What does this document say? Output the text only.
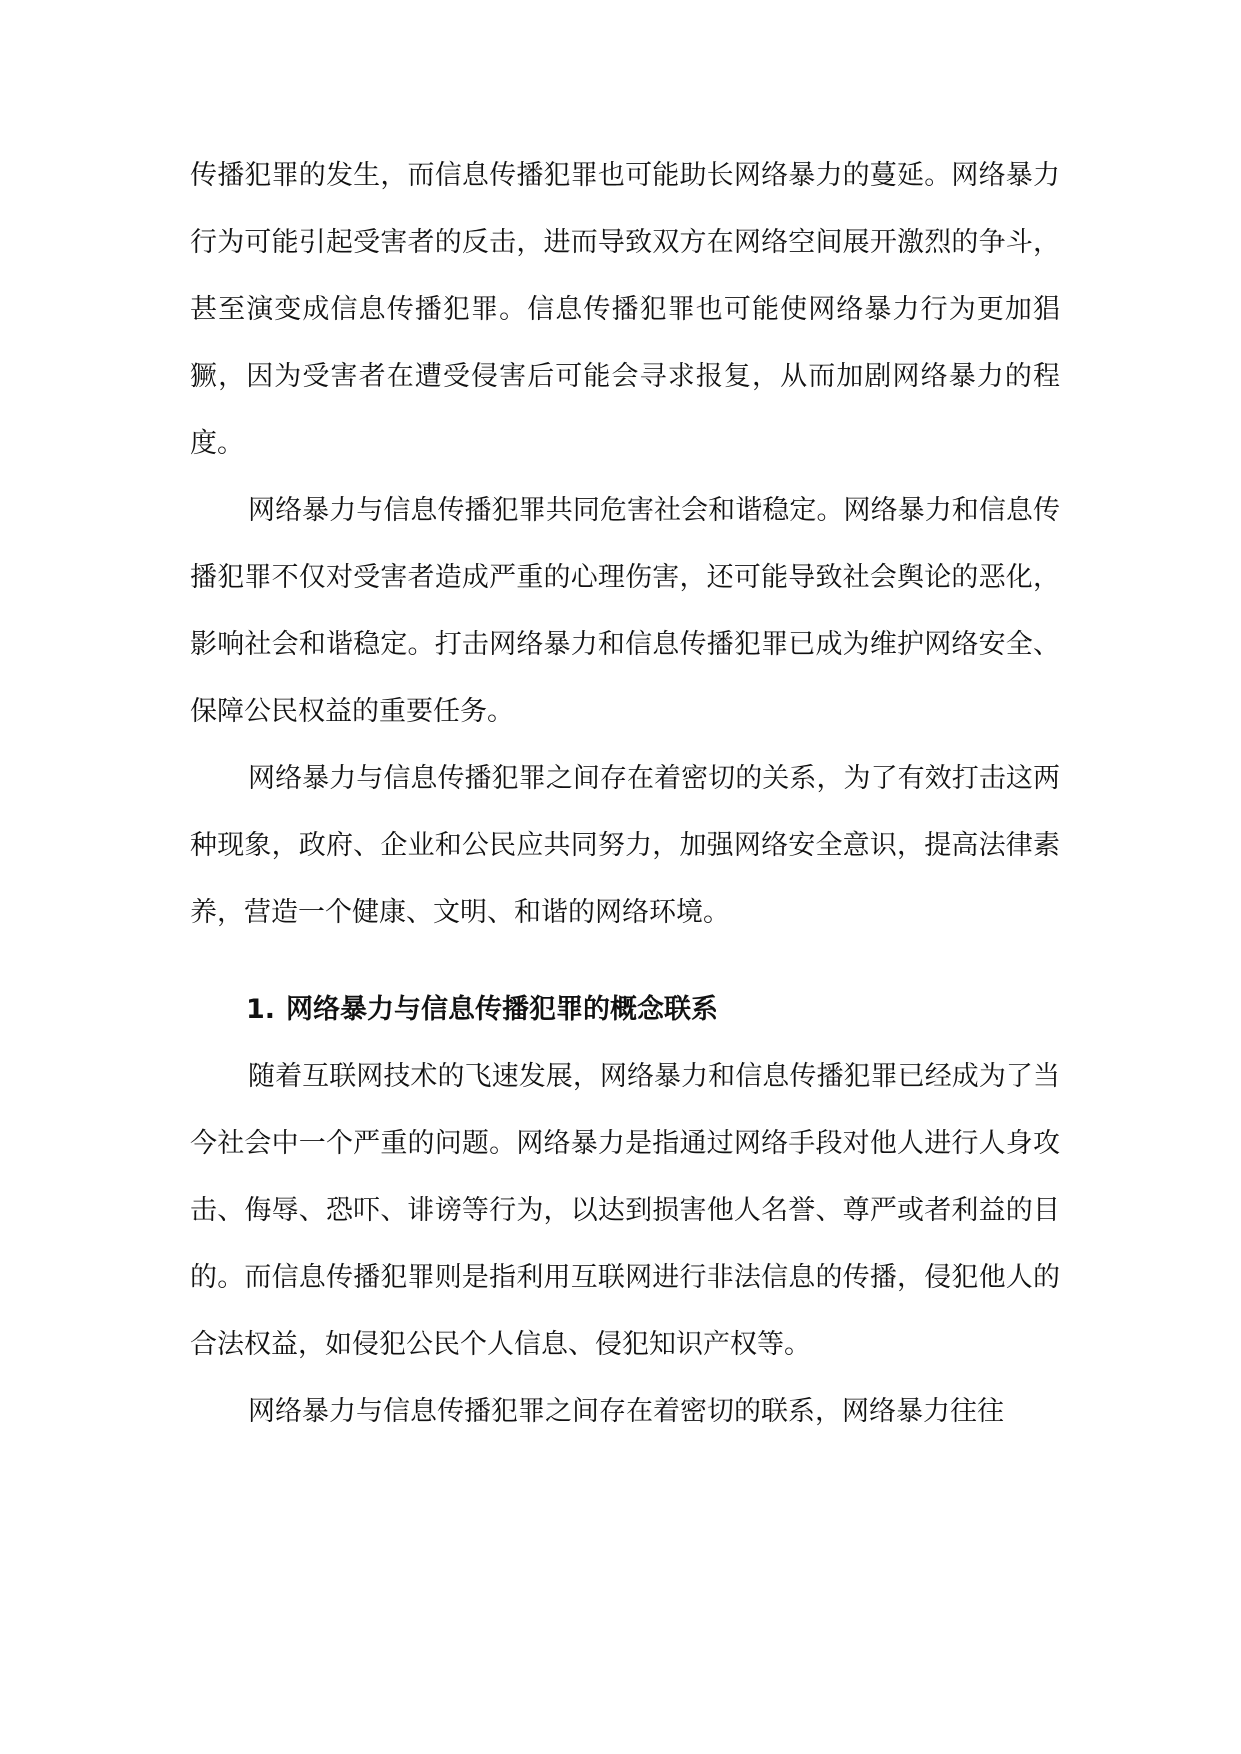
传播犯罪的发生，而信息传播犯罪也可能助长网络暴力的蔓延。网络暴力行为可能引起受害者的反击，进而导致双方在网络空间展开激烈的争斗，甚至演变成信息传播犯罪。信息传播犯罪也可能使网络暴力行为更加猖獗，因为受害者在遭受侵害后可能会寻求报复，从而加剧网络暴力的程度。

网络暴力与信息传播犯罪共同危害社会和谐稳定。网络暴力和信息传播犯罪不仅对受害者造成严重的心理伤害，还可能导致社会舆论的恶化，影响社会和谐稳定。打击网络暴力和信息传播犯罪已成为维护网络安全、保障公民权益的重要任务。

网络暴力与信息传播犯罪之间存在着密切的关系，为了有效打击这两种现象，政府、企业和公民应共同努力，加强网络安全意识，提高法律素养，营造一个健康、文明、和谐的网络环境。

1. 网络暴力与信息传播犯罪的概念联系

随着互联网技术的飞速发展，网络暴力和信息传播犯罪已经成为了当今社会中一个严重的问题。网络暴力是指通过网络手段对他人进行人身攻击、侮辱、恐吓、诽谤等行为，以达到损害他人名誉、尊严或者利益的目的。而信息传播犯罪则是指利用互联网进行非法信息的传播，侵犯他人的合法权益，如侵犯公民个人信息、侵犯知识产权等。

网络暴力与信息传播犯罪之间存在着密切的联系，网络暴力往往
